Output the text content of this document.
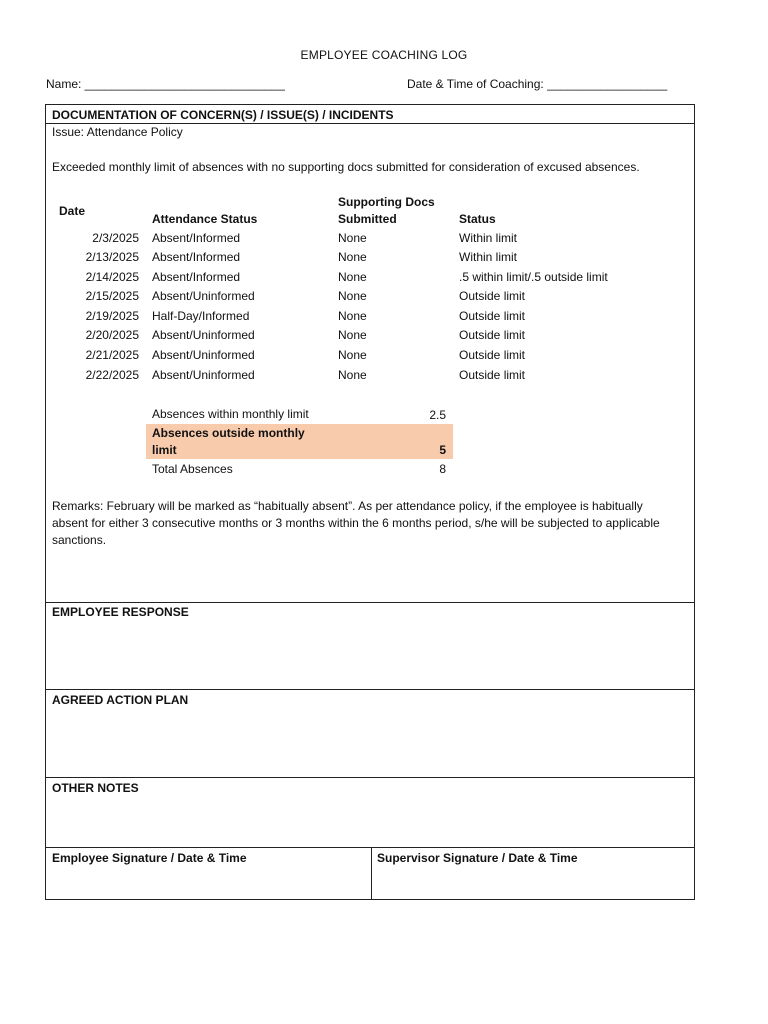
EMPLOYEE COACHING LOG
Name: ______________________________	Date & Time of Coaching: __________________
DOCUMENTATION OF CONCERN(S) / ISSUE(S) / INCIDENTS
Issue: Attendance Policy
Exceeded monthly limit of absences with no supporting docs submitted for consideration of excused absences.
Date
Attendance Status
Supporting Docs
Submitted	Status
2/3/2025 Absent/Informed	None	Within limit
2/13/2025 Absent/Informed	None	Within limit
2/14/2025 Absent/Informed	None	.5 within limit/.5 outside limit
2/15/2025 Absent/Uninformed	None	Outside limit
2/19/2025 Half-Day/Informed	None	Outside limit
2/20/2025 Absent/Uninformed	None	Outside limit
2/21/2025 Absent/Uninformed	None	Outside limit
2/22/2025 Absent/Uninformed	None	Outside limit
Absences within monthly limit	2.5
Absences outside monthly
limit	5
Total Absences	8
Remarks: February will be marked as “habitually absent”. As per attendance policy, if the employee is habitually absent for either 3 consecutive months or 3 months within the 6 months period, s/he will be subjected to applicable sanctions.
EMPLOYEE RESPONSE
AGREED ACTION PLAN
OTHER NOTES
Employee Signature / Date & Time	Supervisor Signature / Date & Time
